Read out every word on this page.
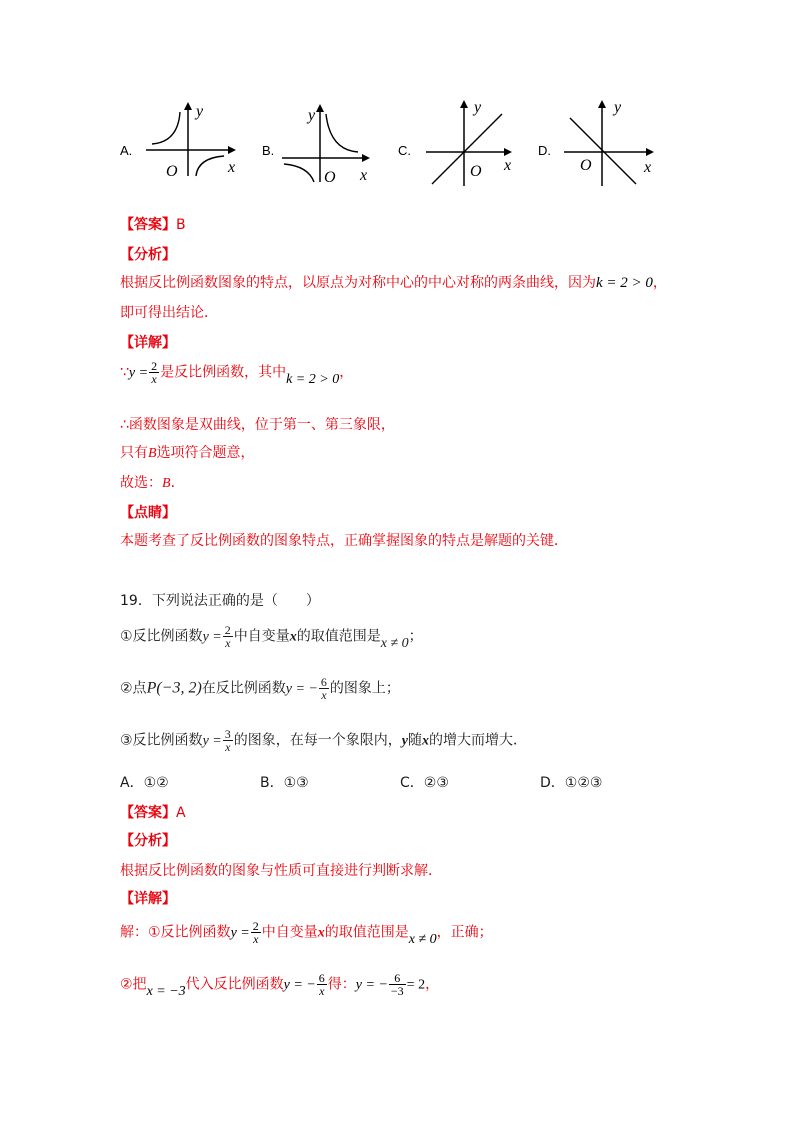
A.
y
x
O
B.
y
x
O
C.
y
x
O
D.
y
x
O
【答案】B
【分析】
根据反比例函数图象的特点，以原点为对称中心的中心对称的两条曲线，因为k = 2 > 0，
即可得出结论．
【详解】
∵y = $\frac{2}{x}$ 是反比例函数，其中k = 2 > 0，
∴函数图象是双曲线，位于第一、第三象限，
只有B选项符合题意，
故选：B．
【点睛】
本题考查了反比例函数的图象特点，正确掌握图象的特点是解题的关键．
19．下列说法正确的是（　　）
①反比例函数$y = \frac{2}{x}$ 中自变量x的取值范围是x ≠ 0；
②点P(−3, 2)在反比例函数y = − $\frac{6}{x}$ 的图象上；
③反比例函数$y = \frac{3}{x}$ 的图象，在每一个象限内，y随x的增大而增大．
A．①②	B．①③	C．②③	D．①②③
【答案】A
【分析】
根据反比例函数的图象与性质可直接进行判断求解．
【详解】
解：①反比例函数$y = \frac{2}{x}$ 中自变量x的取值范围是x ≠ 0，正确；
②把x = −3代入反比例函数y = − $\frac{6}{x}$ 得：y = − $\frac{6}{-3} = 2$，
